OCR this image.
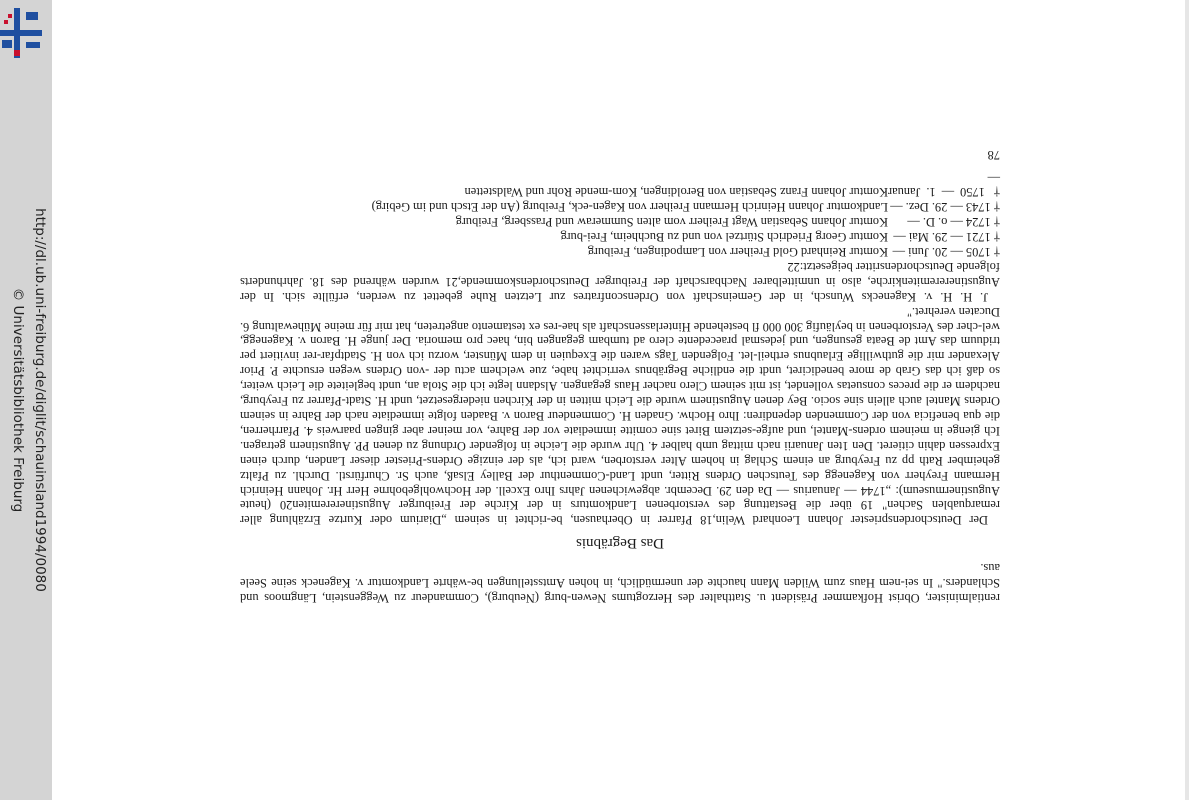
http://dl.ub.uni-freiburg.de/diglit/schauinsland1994/0080
© Universitätsbibliothek Freiburg

rentialminister, Obrist Hofkammer Präsident u. Statthalter des Herzogtums Newen-burg (Neuburg), Commandeur zu Weggenstein, Längmoos und Schlanders." In sei-nem Haus zum Wilden Mann hauchte der unermüdlich, in hohen Amtsstellungen be-währte Landkomtur v. Kageneck seine Seele aus.

Das Begräbnis

Der Deutschordenspriester Johann Leonhard Welin,18 Pfarrer in Oberhausen, be-richtet in seinem „Diarium oder Kurtze Erzählung aller remarquablen Sachen" 19 über die Bestattung des verstorbenen Landkomturs in der Kirche der Freiburger Augustinereremiten20 (heute Augustinermuseum): „1744 — Januarius — Da den 29. Decembr. abgewichenen Jahrs Ihro Excell. der Hochwohlgebohrne Herr Hr. Johann Heinrich Hermann Freyherr von Kagenegg des Teutschen Ordens Ritter, undt Land-Commenthur der Balley Elsaß, auch Sr. Churfürstl. Durchl. zu Pfaltz geheimber Rath pp zu Freyburg an einem Schlag in hohem Alter verstorben, ward ich, als der einzige Ordens-Priester dieser Landen, durch einen Expressen dahin citieret. Den 1ten Januarii nach mittag umb halber 4. Uhr wurde die Leiche in folgender Ordnung zu denen PP. Augustinern getragen. Ich gienge in meinem ordens-Mantel, und aufge-setztem Biret sine comitte immediate vor der Bahre, vor meiner aber gingen paarweis 4. Pfarrherren, die qua beneficia von der Commenden dependiren: Ihro Hochw. Gnaden H. Commendeur Baron v. Baaden folgte immediate nach der Bahre in seinem Ordens Mantel auch allein sine socio. Bey denen Augustinern wurde die Leich mitten in der Kirchen niedergesetzet, undt H. Stadt-Pfarrer zu Freyburg, nachdem er die preces consuetas vollendet, ist mit seinem Clero nacher Haus gegangen. Alsdann legte ich die Stola an, undt begleitete die Leich weiter, so daß ich das Grab de more benediciret, undt die endliche Begräbnus verrichtet habe, zue welchem actu der -von Ordens wegen ersuchte P. Prior Alexander mir die guthwillige Erlaubnus ertheil-let. Folgenden Tags waren die Exequien in dem Münster, worzu ich von H. Stadtpfar-rer invitiert per triduum das Amt de Beata gesungen, und jedesmal praecedente clero ad tumbam gegangen bin, haec pro memoria. Der junge H. Baron v. Kagenegg, wel-cher des Verstorbenen in beyläufig 300 000 fl bestehende Hinterlassenschaft als hae-res ex testamento angetreten, hat mir für meine Mühewaltung 6. Ducaten verehret."

J. H. H. v. Kagenecks Wunsch, in der Gemeinschaft von Ordensconfratres zur Letzten Ruhe gebettet zu werden, erfüllte sich. In der Augustinereremitenkirche, also in unmittelbarer Nachbarschaft der Freiburger Deutschordenskommende,21 wurden während des 18. Jahrhunderts folgende Deutschordensritter beigesetzt:22

† 1705 — 20. Juni —
Komtur Reinhard Gold Freiherr von Lampodingen, Freiburg
† 1721 — 29. Mai —
Komtur Georg Friedrich Stürtzel von und zu Buchheim, Frei-burg
† 1724 — o. D. —
Komtur Johann Sebastian Wagt Freiherr vom alten Summeraw und Prassberg, Freiburg
† 1743 — 29. Dez. —
Landkomtur Johann Heinrich Hermann Freiherr von Kagen-eck, Freiburg (An der Etsch und im Gebirg)
† 1750 — 1. Januar —
Komtur Johann Franz Sebastian von Beroldingen, Kom-mende Rohr und Waldstetten
78
